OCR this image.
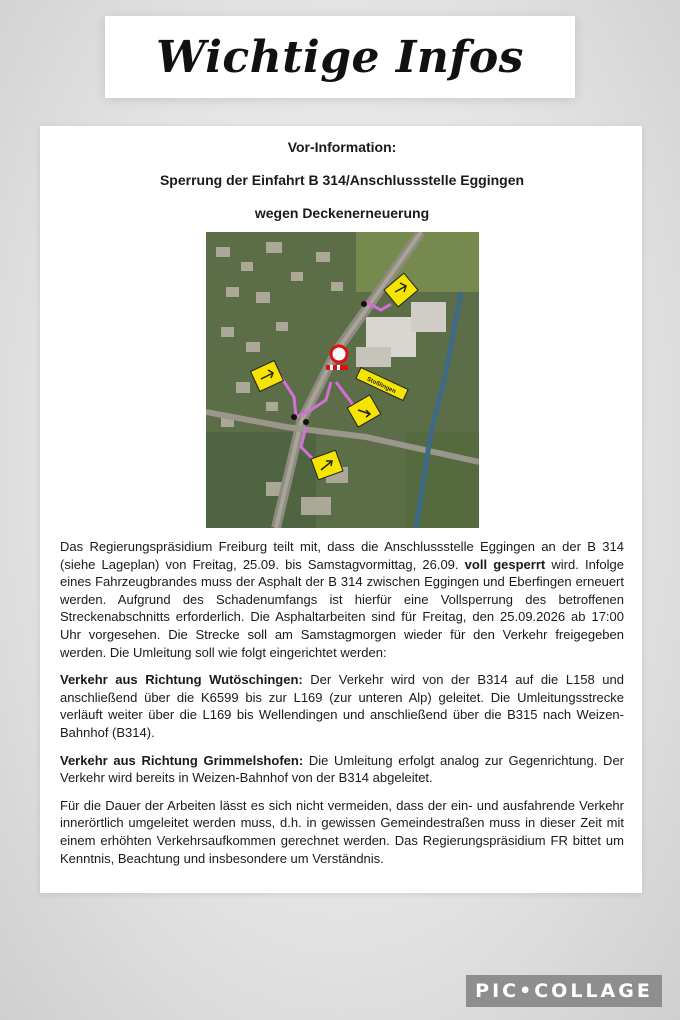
Wichtige Infos
Vor-Information:
Sperrung der Einfahrt B 314/Anschlussstelle Eggingen
wegen Deckenerneuerung
Stoßlingen

Das Regierungspräsidium Freiburg teilt mit, dass die Anschlussstelle Eggingen an der B 314 (siehe Lageplan) von Freitag, 25.09. bis Samstagvormittag, 26.09. voll gesperrt wird. Infolge eines Fahrzeugbrandes muss der Asphalt der B 314 zwischen Eggingen und Eberfingen erneuert werden. Aufgrund des Schadenumfangs ist hierfür eine Vollsperrung des betroffenen Streckenabschnitts erforderlich. Die Asphaltarbeiten sind für Freitag, den 25.09.2026 ab 17:00 Uhr vorgesehen. Die Strecke soll am Samstagmorgen wieder für den Verkehr freigegeben werden. Die Umleitung soll wie folgt eingerichtet werden:

Verkehr aus Richtung Wutöschingen: Der Verkehr wird von der B314 auf die L158 und anschließend über die K6599 bis zur L169 (zur unteren Alp) geleitet. Die Umleitungsstrecke verläuft weiter über die L169 bis Wellendingen und anschließend über die B315 nach Weizen-Bahnhof (B314).

Verkehr aus Richtung Grimmelshofen: Die Umleitung erfolgt analog zur Gegenrichtung. Der Verkehr wird bereits in Weizen-Bahnhof von der B314 abgeleitet.

Für die Dauer der Arbeiten lässt es sich nicht vermeiden, dass der ein- und ausfahrende Verkehr innerörtlich umgeleitet werden muss, d.h. in gewissen Gemeindestraßen muss in dieser Zeit mit einem erhöhten Verkehrsaufkommen gerechnet werden. Das Regierungspräsidium FR bittet um Kenntnis, Beachtung und insbesondere um Verständnis.

PIC•COLLAGE
